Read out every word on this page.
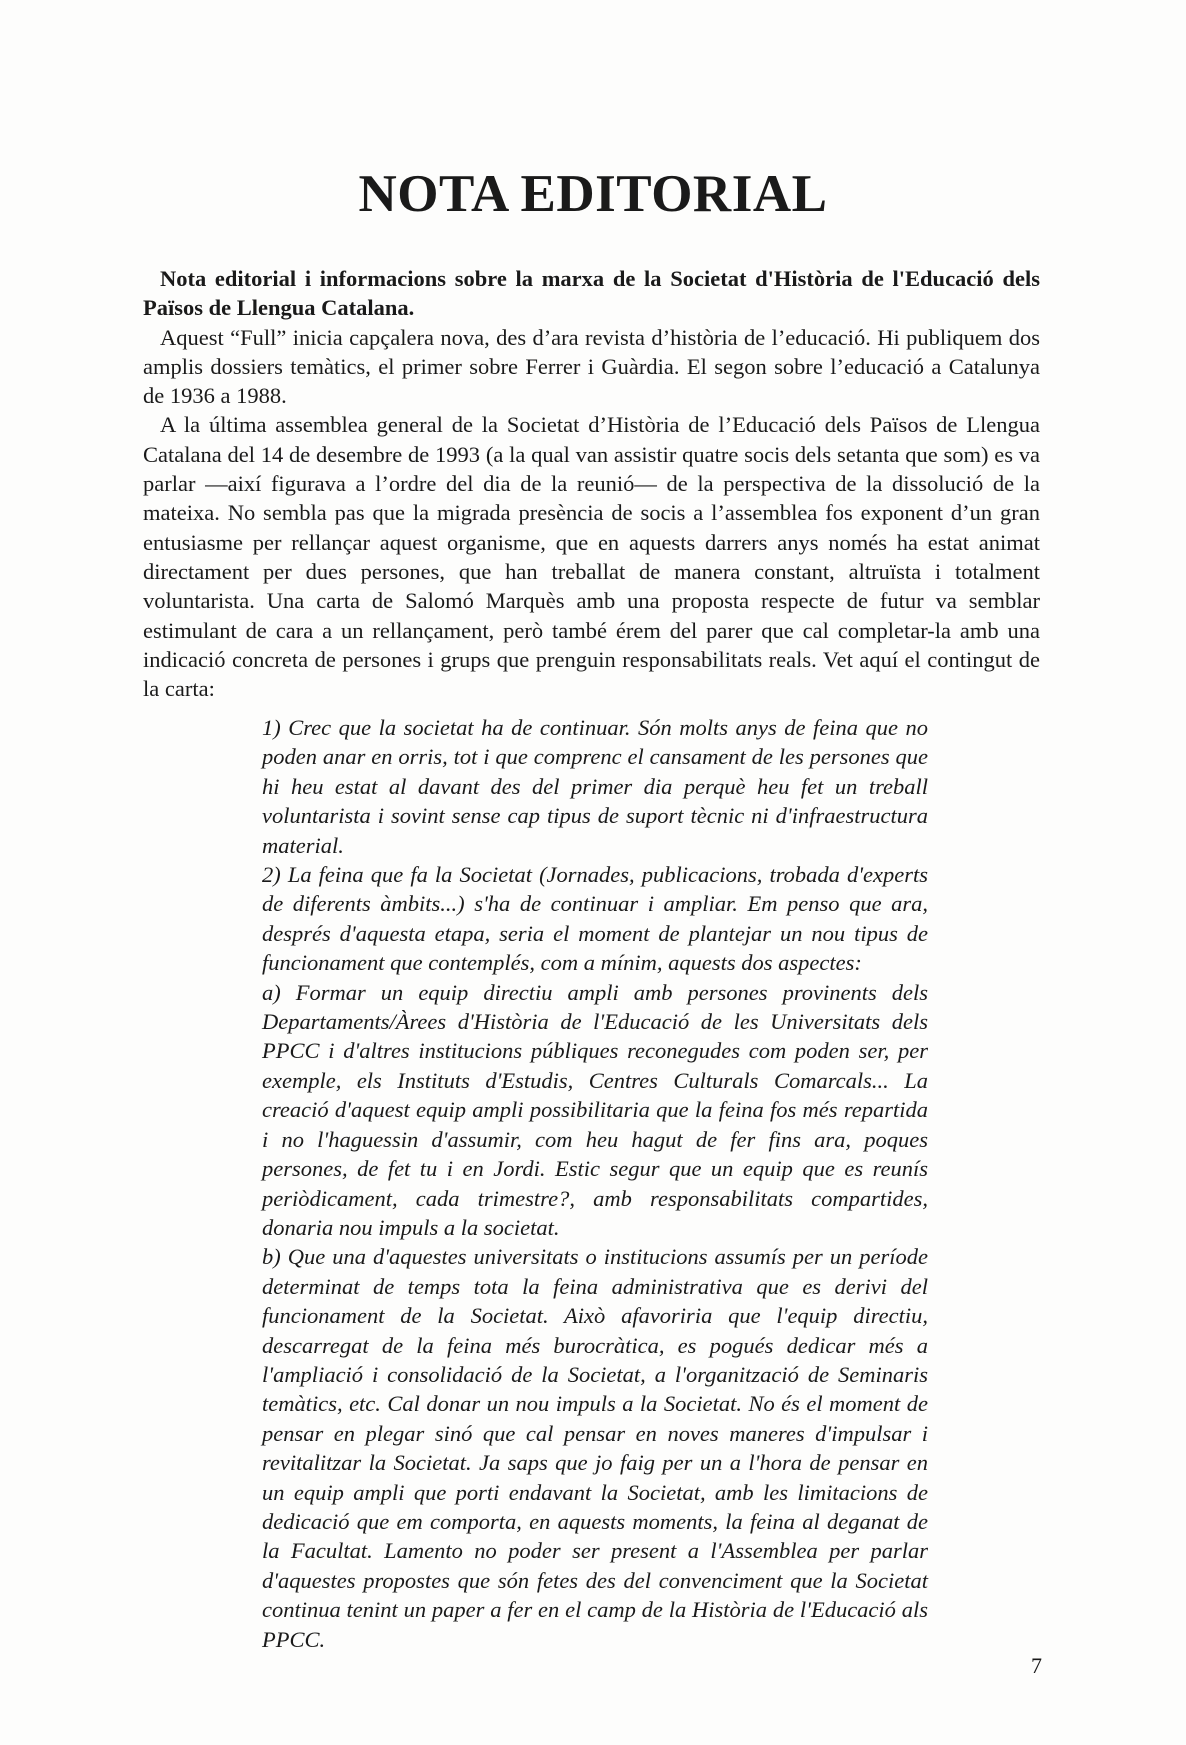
NOTA EDITORIAL

Nota editorial i informacions sobre la marxa de la Societat d'Història de l'Educació dels Països de Llengua Catalana.

Aquest “Full” inicia capçalera nova, des d’ara revista d’història de l’educació. Hi publiquem dos amplis dossiers temàtics, el primer sobre Ferrer i Guàrdia. El segon sobre l’educació a Catalunya de 1936 a 1988.

A la última assemblea general de la Societat d’Història de l’Educació dels Països de Llengua Catalana del 14 de desembre de 1993 (a la qual van assistir quatre socis dels setanta que som) es va parlar —així figurava a l’ordre del dia de la reunió— de la perspectiva de la dissolució de la mateixa. No sembla pas que la migrada presència de socis a l’assemblea fos exponent d’un gran entusiasme per rellançar aquest organisme, que en aquests darrers anys només ha estat animat directament per dues persones, que han treballat de manera constant, altruïsta i totalment voluntarista. Una carta de Salomó Marquès amb una proposta respecte de futur va semblar estimulant de cara a un rellançament, però també érem del parer que cal completar-la amb una indicació concreta de persones i grups que prenguin responsabilitats reals. Vet aquí el contingut de la carta:

1) Crec que la societat ha de continuar. Són molts anys de feina que no poden anar en orris, tot i que comprenc el cansament de les persones que hi heu estat al davant des del primer dia perquè heu fet un treball voluntarista i sovint sense cap tipus de suport tècnic ni d'infraestructura material.

2) La feina que fa la Societat (Jornades, publicacions, trobada d'experts de diferents àmbits...) s'ha de continuar i ampliar. Em penso que ara, després d'aquesta etapa, seria el moment de plantejar un nou tipus de funcionament que contemplés, com a mínim, aquests dos aspectes:

a) Formar un equip directiu ampli amb persones provinents dels Departaments/Àrees d'Història de l'Educació de les Universitats dels PPCC i d'altres institucions públiques reconegudes com poden ser, per exemple, els Instituts d'Estudis, Centres Culturals Comarcals... La creació d'aquest equip ampli possibilitaria que la feina fos més repartida i no l'haguessin d'assumir, com heu hagut de fer fins ara, poques persones, de fet tu i en Jordi. Estic segur que un equip que es reunís periòdicament, cada trimestre?, amb responsabilitats compartides, donaria nou impuls a la societat.

b) Que una d'aquestes universitats o institucions assumís per un període determinat de temps tota la feina administrativa que es derivi del funcionament de la Societat. Això afavoriria que l'equip directiu, descarregat de la feina més burocràtica, es pogués dedicar més a l'ampliació i consolidació de la Societat, a l'organització de Seminaris temàtics, etc. Cal donar un nou impuls a la Societat. No és el moment de pensar en plegar sinó que cal pensar en noves maneres d'impulsar i revitalitzar la Societat. Ja saps que jo faig per un a l'hora de pensar en un equip ampli que porti endavant la Societat, amb les limitacions de dedicació que em comporta, en aquests moments, la feina al deganat de la Facultat. Lamento no poder ser present a l'Assemblea per parlar d'aquestes propostes que són fetes des del convenciment que la Societat continua tenint un paper a fer en el camp de la Història de l'Educació als PPCC.

7
